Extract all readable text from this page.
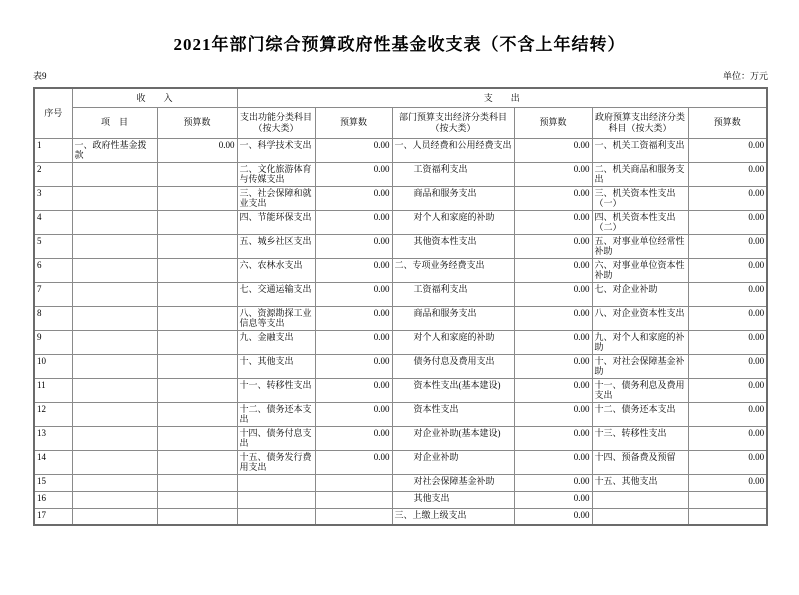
2021年部门综合预算政府性基金收支表（不含上年结转）
表9	单位：万元
序号	收　　入		支　　出					
	项　目	预算数	支出功能分类科目（按大类）	预算数	部门预算支出经济分类科目（按大类）	预算数	政府预算支出经济分类科目（按大类）	预算数
1	一、政府性基金拨款	0.00	一、科学技术支出	0.00	一、人员经费和公用经费支出	0.00	一、机关工资福利支出	0.00
2			二、文化旅游体育与传媒支出	0.00	工资福利支出	0.00	二、机关商品和服务支出	0.00
3			三、社会保障和就业支出	0.00	商品和服务支出	0.00	三、机关资本性支出（一）	0.00
4			四、节能环保支出	0.00	对个人和家庭的补助	0.00	四、机关资本性支出（二）	0.00
5			五、城乡社区支出	0.00	其他资本性支出	0.00	五、对事业单位经常性补助	0.00
6			六、农林水支出	0.00	二、专项业务经费支出	0.00	六、对事业单位资本性补助	0.00
7			七、交通运输支出	0.00	工资福利支出	0.00	七、对企业补助	0.00
8			八、资源勘探工业信息等支出	0.00	商品和服务支出	0.00	八、对企业资本性支出	0.00
9			九、金融支出	0.00	对个人和家庭的补助	0.00	九、对个人和家庭的补助	0.00
10			十、其他支出	0.00	债务付息及费用支出	0.00	十、对社会保障基金补助	0.00
11			十一、转移性支出	0.00	资本性支出(基本建设)	0.00	十一、债务利息及费用支出	0.00
12			十二、债务还本支出	0.00	资本性支出	0.00	十二、债务还本支出	0.00
13			十四、债务付息支出	0.00	对企业补助(基本建设)	0.00	十三、转移性支出	0.00
14			十五、债务发行费用支出	0.00	对企业补助	0.00	十四、预备费及预留	0.00
15					对社会保障基金补助	0.00	十五、其他支出	0.00
16					其他支出	0.00		
17					三、上缴上级支出	0.00		
